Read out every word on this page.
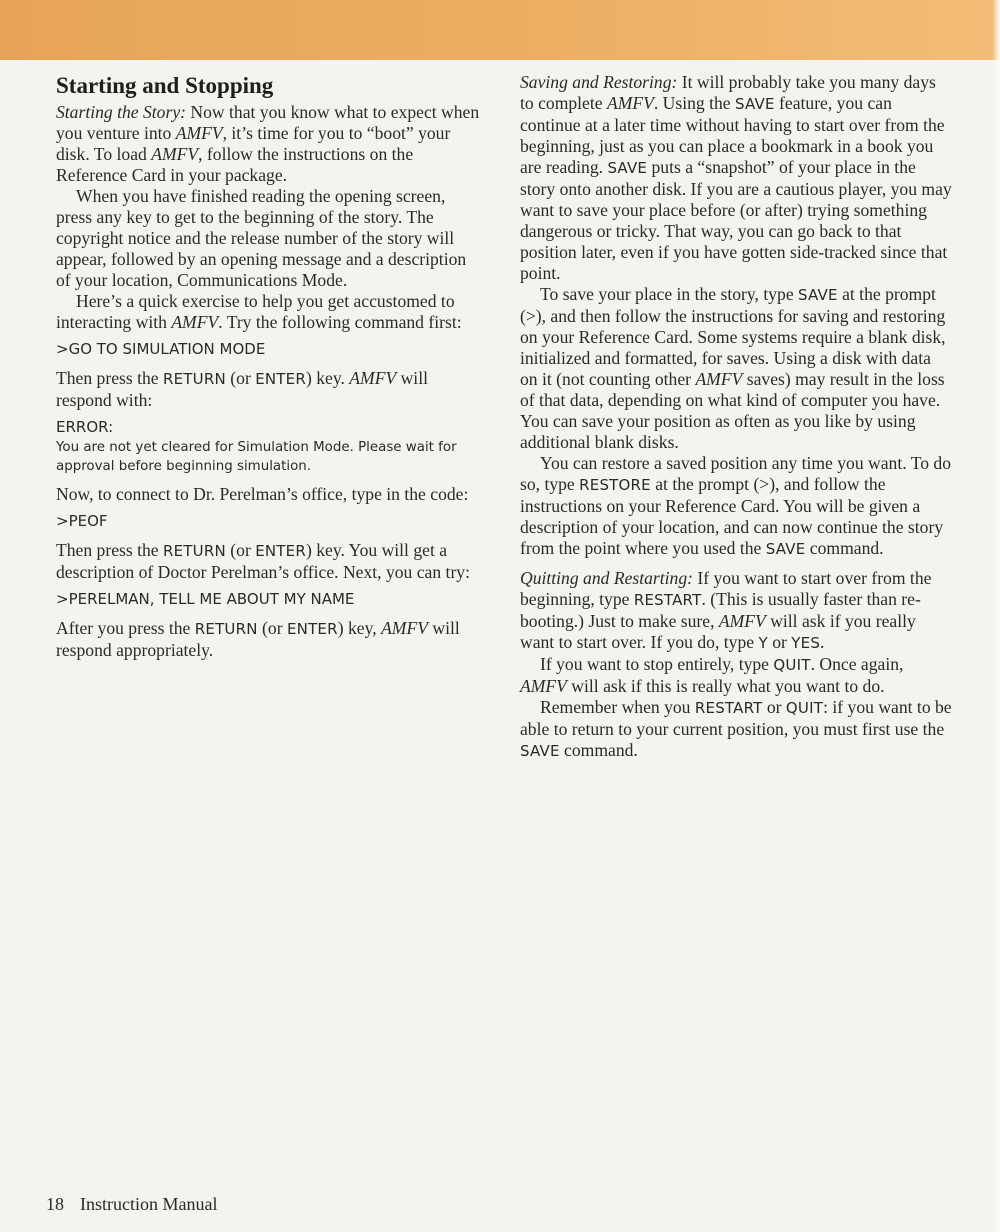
Starting and Stopping

Starting the Story: Now that you know what to expect when you venture into AMFV, it’s time for you to “boot” your disk. To load AMFV, follow the instructions on the Reference Card in your package.

When you have finished reading the opening screen, press any key to get to the beginning of the story. The copyright notice and the release number of the story will appear, followed by an opening message and a description of your location, Communications Mode.

Here’s a quick exercise to help you get accustomed to interacting with AMFV. Try the following command first:

>GO TO SIMULATION MODE

Then press the RETURN (or ENTER) key. AMFV will respond with:

ERROR:

You are not yet cleared for Simulation Mode. Please wait for approval before beginning simulation.

Now, to connect to Dr. Perelman’s office, type in the code:

>PEOF

Then press the RETURN (or ENTER) key. You will get a description of Doctor Perelman’s office. Next, you can try:

>PERELMAN, TELL ME ABOUT MY NAME

After you press the RETURN (or ENTER) key, AMFV will respond appropriately.

Saving and Restoring: It will probably take you many days to complete AMFV. Using the SAVE feature, you can continue at a later time without having to start over from the beginning, just as you can place a bookmark in a book you are reading. SAVE puts a “snapshot” of your place in the story onto another disk. If you are a cautious player, you may want to save your place before (or after) trying something dangerous or tricky. That way, you can go back to that position later, even if you have gotten side-tracked since that point.

To save your place in the story, type SAVE at the prompt (>), and then follow the instructions for saving and restoring on your Reference Card. Some systems require a blank disk, initialized and formatted, for saves. Using a disk with data on it (not counting other AMFV saves) may result in the loss of that data, depending on what kind of computer you have. You can save your position as often as you like by using additional blank disks.

You can restore a saved position any time you want. To do so, type RESTORE at the prompt (>), and follow the instructions on your Reference Card. You will be given a description of your location, and can now continue the story from the point where you used the SAVE command.

Quitting and Restarting: If you want to start over from the beginning, type RESTART. (This is usually faster than re-booting.) Just to make sure, AMFV will ask if you really want to start over. If you do, type Y or YES.

If you want to stop entirely, type QUIT. Once again, AMFV will ask if this is really what you want to do.

Remember when you RESTART or QUIT: if you want to be able to return to your current position, you must first use the SAVE command.

18 Instruction Manual
